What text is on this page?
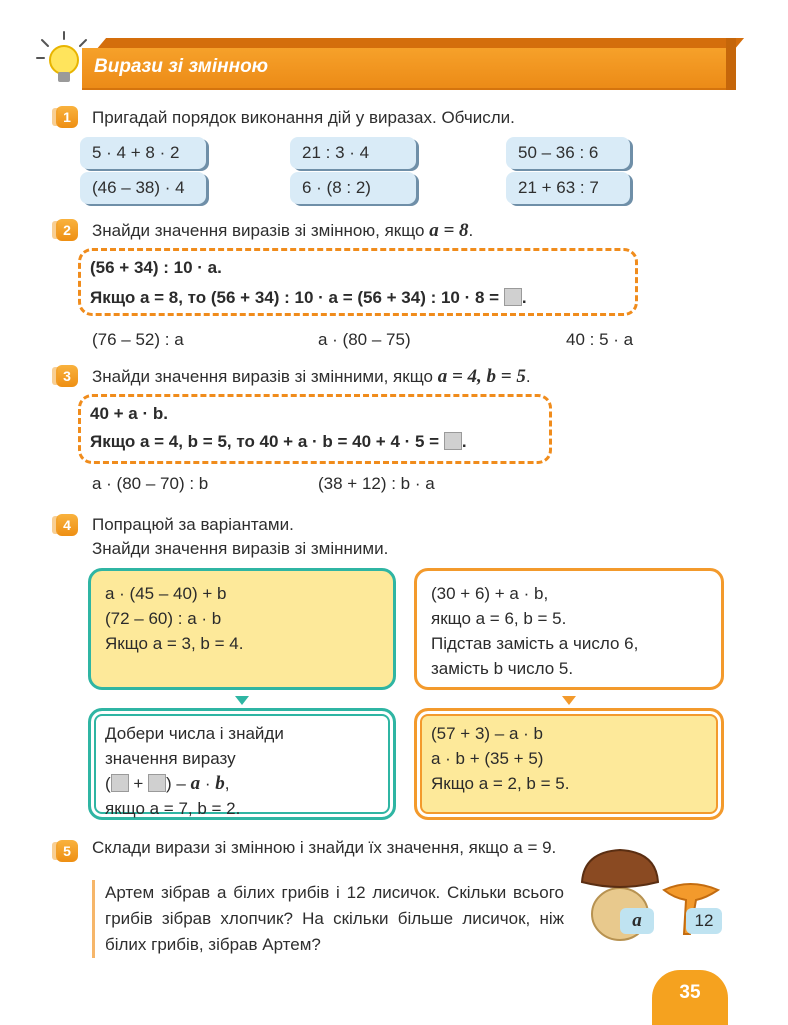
Вирази зі змінною
1	Пригадай порядок виконання дій у виразах. Обчисли.
5 · 4 + 8 · 2	21 : 3 · 4	50 – 36 : 6
(46 – 38) · 4	6 · (8 : 2)	21 + 63 : 7
2	Знайди значення виразів зі змінною, якщо a = 8.
(56 + 34) : 10 · a.
Якщо a = 8, то (56 + 34) : 10 · a = (56 + 34) : 10 · 8 = .
(76 – 52) : a	a · (80 – 75)	40 : 5 · a
3	Знайди значення виразів зі змінними, якщо a = 4, b = 5.
40 + a · b.
Якщо a = 4, b = 5, то 40 + a · b = 40 + 4 · 5 = .
a · (80 – 70) : b	(38 + 12) : b · a
4	Попрацюй за варіантами.
Знайди значення виразів зі змінними.
a · (45 – 40) + b
(72 – 60) : a · b
Якщо a = 3, b = 4.
(30 + 6) + a · b,
якщо a = 6, b = 5.
Підстав замість a число 6,
замість b число 5.
Добери числа і знайди
значення виразу
( + ) – a · b,
якщо a = 7, b = 2.
(57 + 3) – a · b
a · b + (35 + 5)
Якщо a = 2, b = 5.
5	Склади вирази зі змінною і знайди їх значення, якщо a = 9.
Артем зібрав a білих грибів і 12 лисичок. Скільки всього грибів зібрав хлопчик? На скільки більше лисичок, ніж білих грибів, зібрав Артем?
a	12
35
